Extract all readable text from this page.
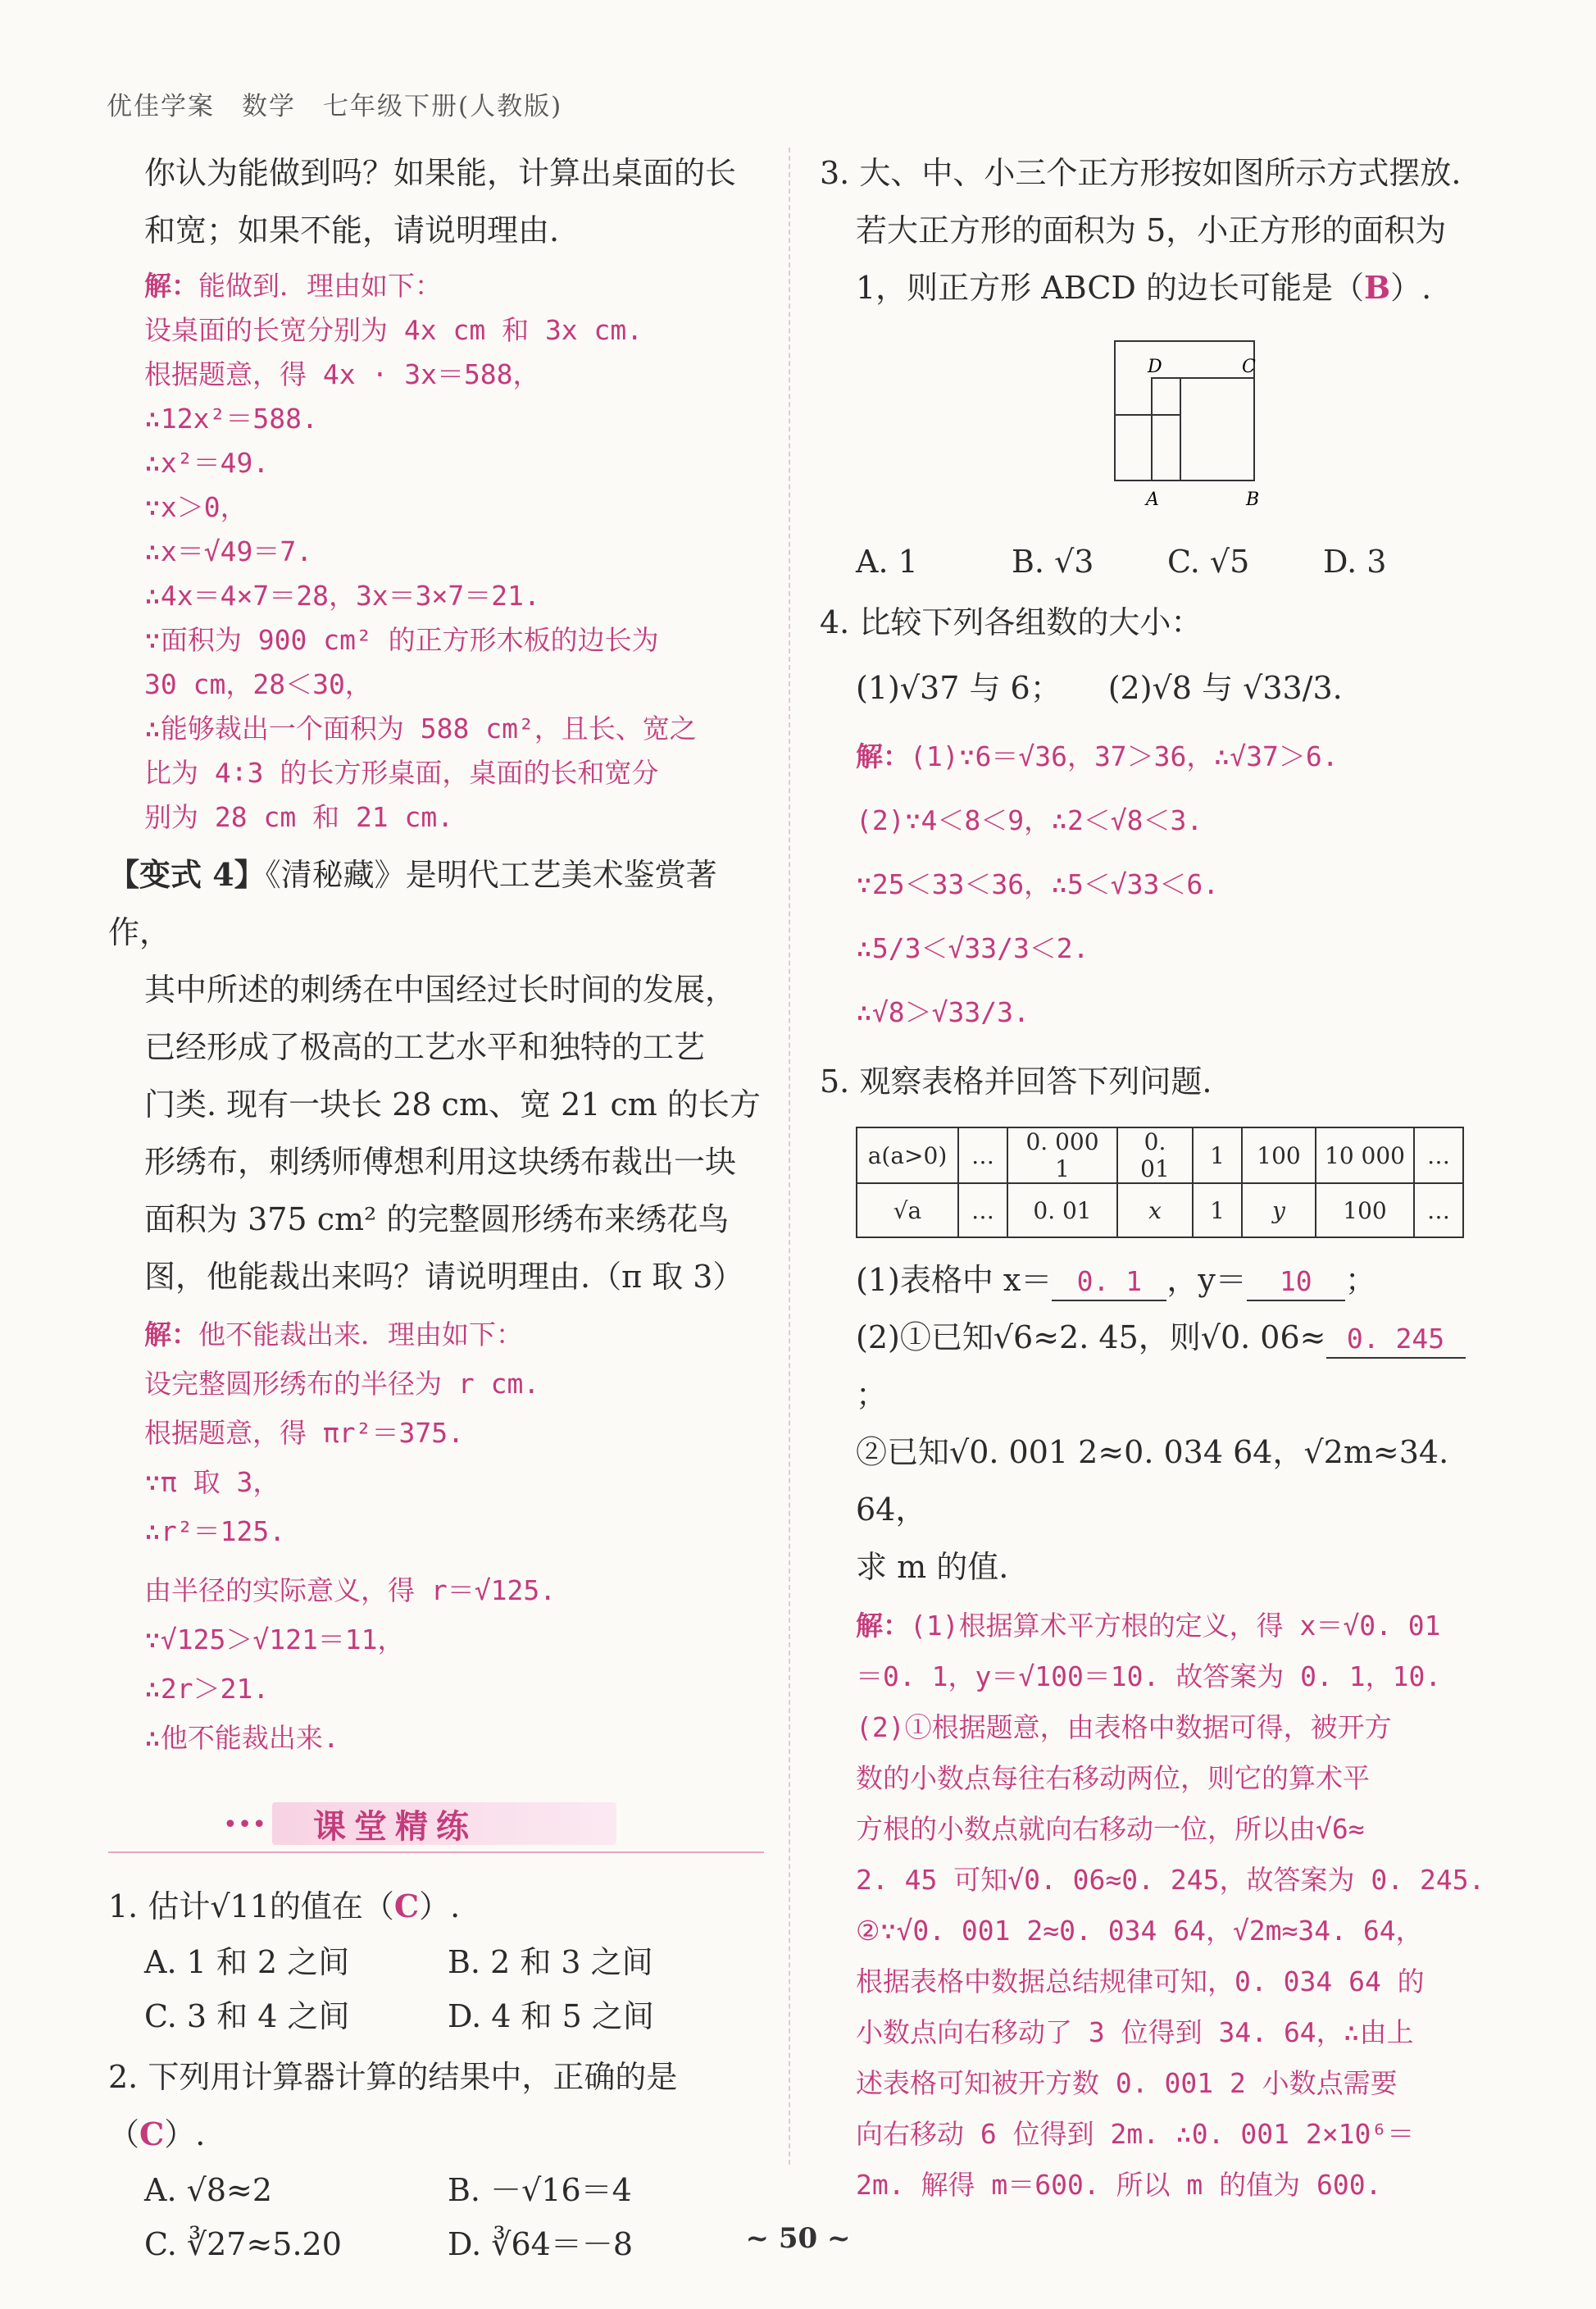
优佳学案　数学　七年级下册(人教版)
你认为能做到吗？如果能，计算出桌面的长
和宽；如果不能，请说明理由.
解：能做到．理由如下：
设桌面的长宽分别为 4x cm 和 3x cm.
根据题意，得 4x · 3x＝588，
∴12x²＝588.
∴x²＝49.
∵x＞0，
∴x＝√49＝7.
∴4x＝4×7＝28，3x＝3×7＝21.
∵面积为 900 cm² 的正方形木板的边长为
30 cm，28＜30，
∴能够裁出一个面积为 588 cm²，且长、宽之
比为 4∶3 的长方形桌面，桌面的长和宽分
别为 28 cm 和 21 cm.
【变式 4】《清秘藏》是明代工艺美术鉴赏著作，
其中所述的刺绣在中国经过长时间的发展，
已经形成了极高的工艺水平和独特的工艺
门类. 现有一块长 28 cm、宽 21 cm 的长方
形绣布，刺绣师傅想利用这块绣布裁出一块
面积为 375 cm² 的完整圆形绣布来绣花鸟
图，他能裁出来吗？请说明理由.（π 取 3）
解：他不能裁出来．理由如下：
设完整圆形绣布的半径为 r cm.
根据题意，得 πr²＝375.
∵π 取 3，
∴r²＝125.
由半径的实际意义，得 r＝√125.
∵√125＞√121＝11，
∴2r＞21.
∴他不能裁出来.
••• 课堂精练
1. 估计√11的值在（C）.
A. 1 和 2 之间	B. 2 和 3 之间
C. 3 和 4 之间	D. 4 和 5 之间
2. 下列用计算器计算的结果中，正确的是（C）.
A. √8≈2	B. －√16＝4
C. ∛27≈5.20	D. ∛64＝－8
3. 大、中、小三个正方形按如图所示方式摆放.
若大正方形的面积为 5，小正方形的面积为
1，则正方形 ABCD 的边长可能是（B）.
D	C
A	B
A. 1	B. √3	C. √5	D. 3
4. 比较下列各组数的大小：
(1)√37 与 6；　　(2)√8 与 √33/3.
解：(1)∵6＝√36，37＞36，∴√37＞6.
(2)∵4＜8＜9，∴2＜√8＜3.
∵25＜33＜36，∴5＜√33＜6.
∴5/3＜√33/3＜2.
∴√8＞√33/3.
5. 观察表格并回答下列问题.
a(a>0)	…	0. 000 1	0. 01	1	100	10 000	…
√a	…	0. 01	x	1	y	100	…
(1)表格中 x＝ 0. 1 ，y＝ 10 ；
(2)①已知√6≈2. 45，则√0. 06≈ 0. 245；
②已知√0. 001 2≈0. 034 64，√2m≈34. 64，
求 m 的值.
解：(1)根据算术平方根的定义，得 x＝√0. 01
＝0. 1，y＝√100＝10. 故答案为 0. 1，10.
(2)①根据题意，由表格中数据可得，被开方
数的小数点每往右移动两位，则它的算术平
方根的小数点就向右移动一位，所以由√6≈
2. 45 可知√0. 06≈0. 245，故答案为 0. 245.
②∵√0. 001 2≈0. 034 64，√2m≈34. 64，
根据表格中数据总结规律可知，0. 034 64 的
小数点向右移动了 3 位得到 34. 64，∴由上
述表格可知被开方数 0. 001 2 小数点需要
向右移动 6 位得到 2m. ∴0. 001 2×10⁶＝
2m. 解得 m＝600. 所以 m 的值为 600.
~ 50 ~
